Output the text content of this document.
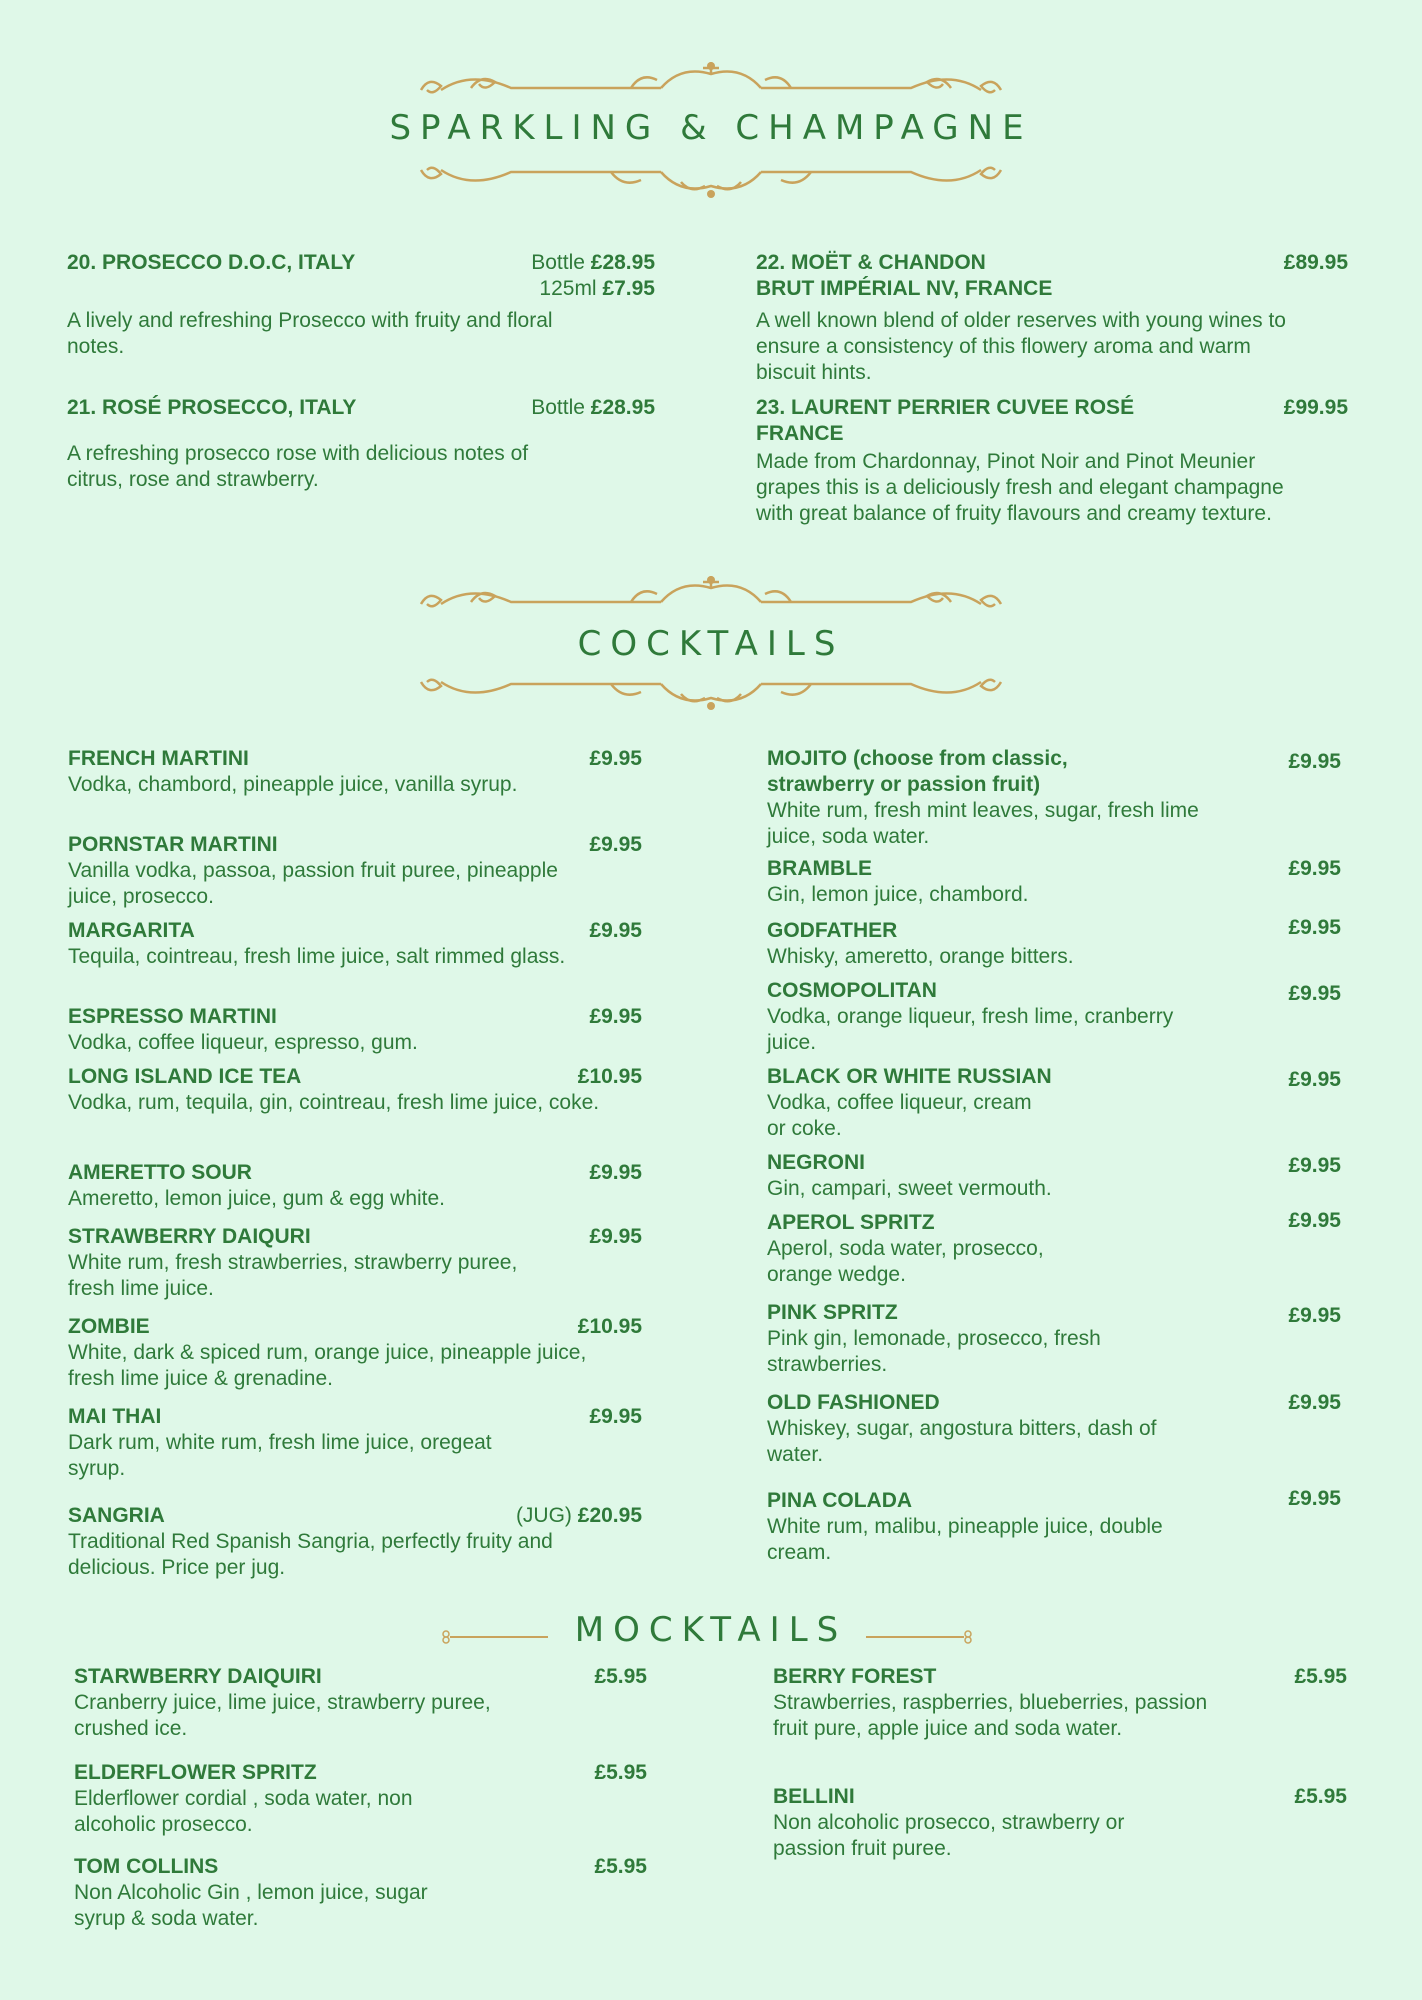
SPARKLING & CHAMPAGNE
20. PROSECCO D.O.C, ITALY	Bottle £28.95
125ml £7.95
A lively and refreshing Prosecco with fruity and floral notes.
21. ROSÉ PROSECCO, ITALY	Bottle £28.95
A refreshing prosecco rose with delicious notes of citrus, rose and strawberry.
22. MOËT & CHANDON
BRUT IMPÉRIAL NV, FRANCE
£89.95
A well known blend of older reserves with young wines to ensure a consistency of this flowery aroma and warm biscuit hints.
23. LAURENT PERRIER CUVEE ROSÉ
FRANCE
£99.95
Made from Chardonnay, Pinot Noir and Pinot Meunier grapes this is a deliciously fresh and elegant champagne with great balance of fruity flavours and creamy texture.
COCKTAILS
FRENCH MARTINI	£9.95
Vodka, chambord, pineapple juice, vanilla syrup.
PORNSTAR MARTINI	£9.95
Vanilla vodka, passoa, passion fruit puree, pineapple juice, prosecco.
MARGARITA	£9.95
Tequila, cointreau, fresh lime juice, salt rimmed glass.
ESPRESSO MARTINI	£9.95
Vodka, coffee liqueur, espresso, gum.
LONG ISLAND ICE TEA	£10.95
Vodka, rum, tequila, gin, cointreau, fresh lime juice, coke.
AMERETTO SOUR	£9.95
Ameretto, lemon juice, gum & egg white.
STRAWBERRY DAIQURI	£9.95
White rum, fresh strawberries, strawberry puree, fresh lime juice.
ZOMBIE	£10.95
White, dark & spiced rum, orange juice, pineapple juice, fresh lime juice & grenadine.
MAI THAI	£9.95
Dark rum, white rum, fresh lime juice, oregeat syrup.
SANGRIA	(JUG) £20.95
Traditional Red Spanish Sangria, perfectly fruity and delicious. Price per jug.
MOJITO (choose from classic, strawberry or passion fruit)
£9.95
White rum, fresh mint leaves, sugar, fresh lime juice, soda water.
BRAMBLE	£9.95
Gin, lemon juice, chambord.
GODFATHER	£9.95
Whisky, ameretto, orange bitters.
COSMOPOLITAN	£9.95
Vodka, orange liqueur, fresh lime, cranberry juice.
BLACK OR WHITE RUSSIAN	£9.95
Vodka, coffee liqueur, cream or coke.
NEGRONI	£9.95
Gin, campari, sweet vermouth.
APEROL SPRITZ	£9.95
Aperol, soda water, prosecco, orange wedge.
PINK SPRITZ	£9.95
Pink gin, lemonade, prosecco, fresh strawberries.
OLD FASHIONED	£9.95
Whiskey, sugar, angostura bitters, dash of water.
PINA COLADA	£9.95
White rum, malibu, pineapple juice, double cream.
MOCKTAILS
STARWBERRY DAIQUIRI	£5.95
Cranberry juice, lime juice, strawberry puree, crushed ice.
ELDERFLOWER SPRITZ	£5.95
Elderflower cordial , soda water, non alcoholic prosecco.
TOM COLLINS	£5.95
Non Alcoholic Gin , lemon juice, sugar syrup & soda water.
BERRY FOREST	£5.95
Strawberries, raspberries, blueberries, passion fruit pure, apple juice and soda water.
BELLINI	£5.95
Non alcoholic prosecco, strawberry or passion fruit puree.
